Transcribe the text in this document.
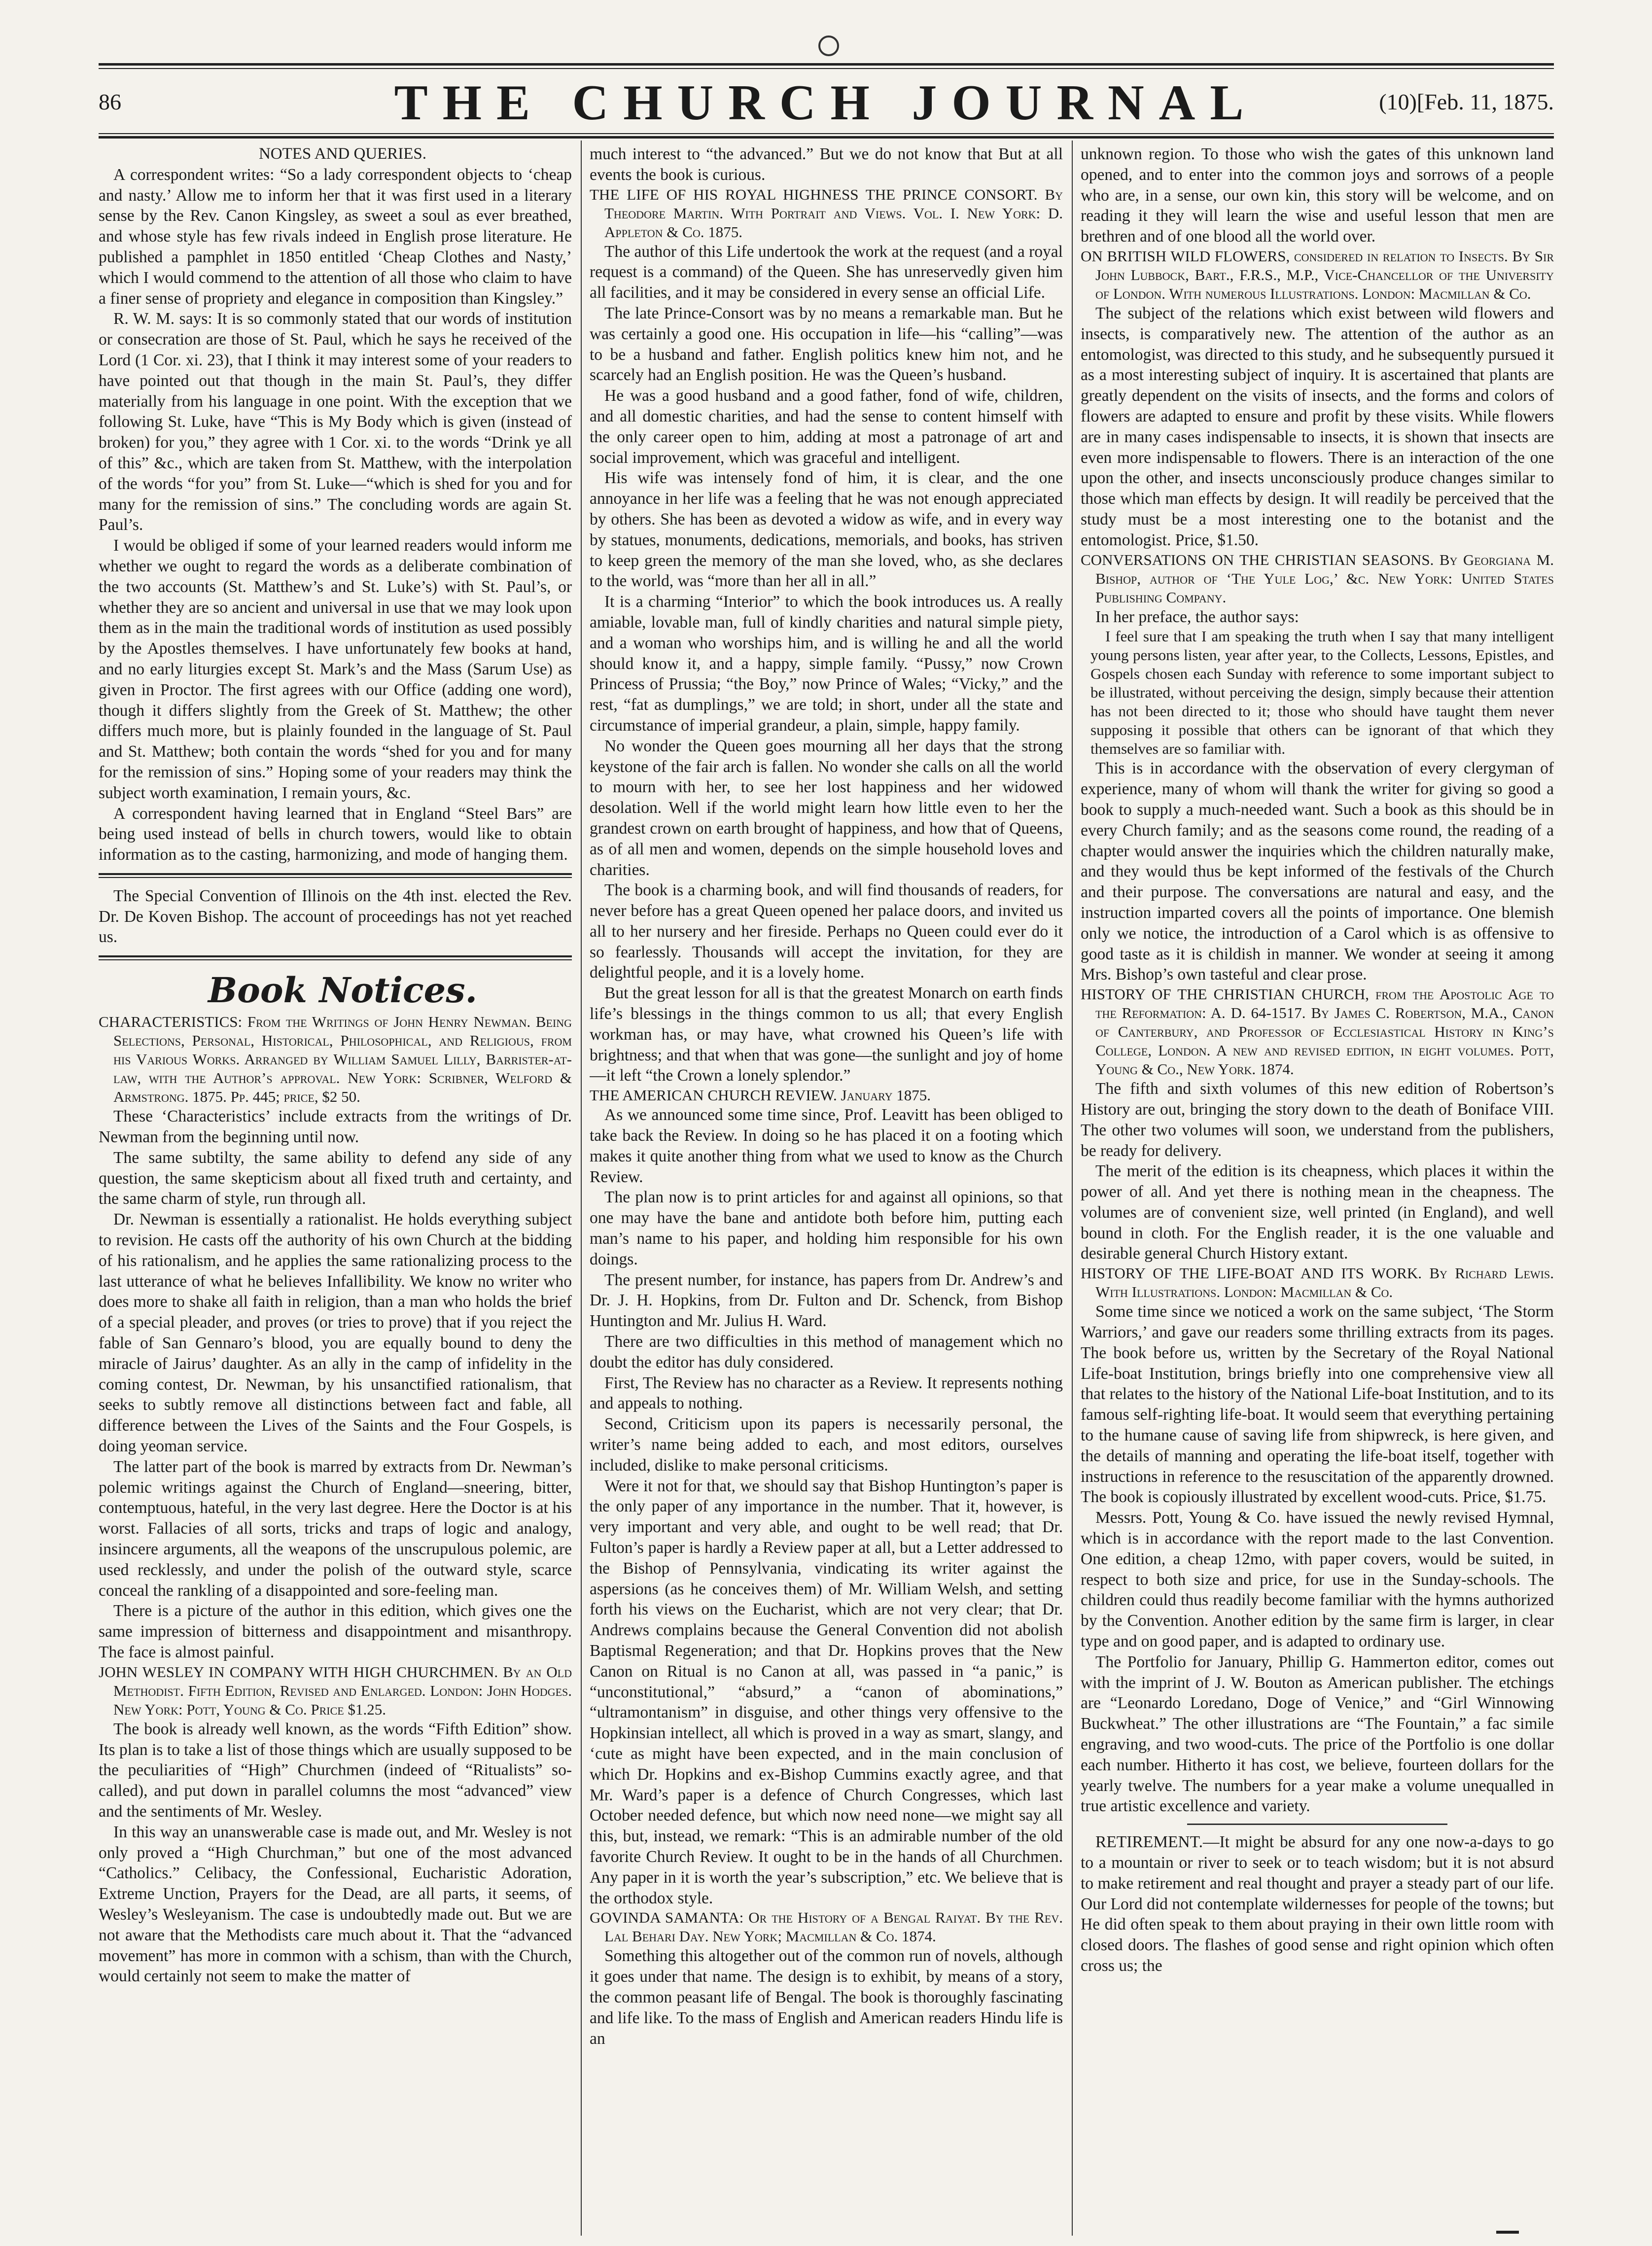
86	THE CHURCH JOURNAL	(10)[Feb. 11, 1875.

NOTES AND QUERIES.

A correspondent writes: “So a lady correspondent objects to ‘cheap and nasty.’ Allow me to inform her that it was first used in a literary sense by the Rev. Canon Kingsley, as sweet a soul as ever breathed, and whose style has few rivals indeed in English prose literature. He published a pamphlet in 1850 entitled ‘Cheap Clothes and Nasty,’ which I would commend to the attention of all those who claim to have a finer sense of propriety and elegance in composition than Kingsley.”

R. W. M. says: It is so commonly stated that our words of institution or consecration are those of St. Paul, which he says he received of the Lord (1 Cor. xi. 23), that I think it may interest some of your readers to have pointed out that though in the main St. Paul’s, they differ materially from his language in one point. With the exception that we following St. Luke, have “This is My Body which is given (instead of broken) for you,” they agree with 1 Cor. xi. to the words “Drink ye all of this” &c., which are taken from St. Matthew, with the interpolation of the words “for you” from St. Luke—“which is shed for you and for many for the remission of sins.” The concluding words are again St. Paul’s.

I would be obliged if some of your learned readers would inform me whether we ought to regard the words as a deliberate combination of the two accounts (St. Matthew’s and St. Luke’s) with St. Paul’s, or whether they are so ancient and universal in use that we may look upon them as in the main the traditional words of institution as used possibly by the Apostles themselves. I have unfortunately few books at hand, and no early liturgies except St. Mark’s and the Mass (Sarum Use) as given in Proctor. The first agrees with our Office (adding one word), though it differs slightly from the Greek of St. Matthew; the other differs much more, but is plainly founded in the language of St. Paul and St. Matthew; both contain the words “shed for you and for many for the remission of sins.” Hoping some of your readers may think the subject worth examination, I remain yours, &c.

A correspondent having learned that in England “Steel Bars” are being used instead of bells in church towers, would like to obtain information as to the casting, harmonizing, and mode of hanging them.

The Special Convention of Illinois on the 4th inst. elected the Rev. Dr. De Koven Bishop. The account of proceedings has not yet reached us.

Book Notices.

CHARACTERISTICS: From the Writings of John Henry Newman. Being Selections, Personal, Historical, Philosophical, and Religious, from his Various Works. Arranged by William Samuel Lilly, Barrister-at-law, with the Author’s approval. New York: Scribner, Welford & Armstrong. 1875. Pp. 445; price, $2 50.

These ‘Characteristics’ include extracts from the writings of Dr. Newman from the beginning until now.

The same subtilty, the same ability to defend any side of any question, the same skepticism about all fixed truth and certainty, and the same charm of style, run through all.

Dr. Newman is essentially a rationalist. He holds everything subject to revision. He casts off the authority of his own Church at the bidding of his rationalism, and he applies the same rationalizing process to the last utterance of what he believes Infallibility. We know no writer who does more to shake all faith in religion, than a man who holds the brief of a special pleader, and proves (or tries to prove) that if you reject the fable of San Gennaro’s blood, you are equally bound to deny the miracle of Jairus’ daughter. As an ally in the camp of infidelity in the coming contest, Dr. Newman, by his unsanctified rationalism, that seeks to subtly remove all distinctions between fact and fable, all difference between the Lives of the Saints and the Four Gospels, is doing yeoman service.

The latter part of the book is marred by extracts from Dr. Newman’s polemic writings against the Church of England—sneering, bitter, contemptuous, hateful, in the very last degree. Here the Doctor is at his worst. Fallacies of all sorts, tricks and traps of logic and analogy, insincere arguments, all the weapons of the unscrupulous polemic, are used recklessly, and under the polish of the outward style, scarce conceal the rankling of a disappointed and sore-feeling man.

There is a picture of the author in this edition, which gives one the same impression of bitterness and disappointment and misanthropy. The face is almost painful.

JOHN WESLEY IN COMPANY WITH HIGH CHURCHMEN. By an Old Methodist. Fifth Edition, Revised and Enlarged. London: John Hodges. New York: Pott, Young & Co. Price $1.25.

The book is already well known, as the words “Fifth Edition” show. Its plan is to take a list of those things which are usually supposed to be the peculiarities of “High” Churchmen (indeed of “Ritualists” so-called), and put down in parallel columns the most “advanced” view and the sentiments of Mr. Wesley.

In this way an unanswerable case is made out, and Mr. Wesley is not only proved a “High Churchman,” but one of the most advanced “Catholics.” Celibacy, the Confessional, Eucharistic Adoration, Extreme Unction, Prayers for the Dead, are all parts, it seems, of Wesley’s Wesleyanism. The case is undoubtedly made out. But we are not aware that the Methodists care much about it. That the “advanced movement” has more in common with a schism, than with the Church, would certainly not seem to make the matter of

much interest to “the advanced.” But we do not know that But at all events the book is curious.

THE LIFE OF HIS ROYAL HIGHNESS THE PRINCE CONSORT. By Theodore Martin. With Portrait and Views. Vol. I. New York: D. Appleton & Co. 1875.

The author of this Life undertook the work at the request (and a royal request is a command) of the Queen. She has unreservedly given him all facilities, and it may be considered in every sense an official Life.

The late Prince-Consort was by no means a remarkable man. But he was certainly a good one. His occupation in life—his “calling”—was to be a husband and father. English politics knew him not, and he scarcely had an English position. He was the Queen’s husband.

He was a good husband and a good father, fond of wife, children, and all domestic charities, and had the sense to content himself with the only career open to him, adding at most a patronage of art and social improvement, which was graceful and intelligent.

His wife was intensely fond of him, it is clear, and the one annoyance in her life was a feeling that he was not enough appreciated by others. She has been as devoted a widow as wife, and in every way by statues, monuments, dedications, memorials, and books, has striven to keep green the memory of the man she loved, who, as she declares to the world, was “more than her all in all.”

It is a charming “Interior” to which the book introduces us. A really amiable, lovable man, full of kindly charities and natural simple piety, and a woman who worships him, and is willing he and all the world should know it, and a happy, simple family. “Pussy,” now Crown Princess of Prussia; “the Boy,” now Prince of Wales; “Vicky,” and the rest, “fat as dumplings,” we are told; in short, under all the state and circumstance of imperial grandeur, a plain, simple, happy family.

No wonder the Queen goes mourning all her days that the strong keystone of the fair arch is fallen. No wonder she calls on all the world to mourn with her, to see her lost happiness and her widowed desolation. Well if the world might learn how little even to her the grandest crown on earth brought of happiness, and how that of Queens, as of all men and women, depends on the simple household loves and charities.

The book is a charming book, and will find thousands of readers, for never before has a great Queen opened her palace doors, and invited us all to her nursery and her fireside. Perhaps no Queen could ever do it so fearlessly. Thousands will accept the invitation, for they are delightful people, and it is a lovely home.

But the great lesson for all is that the greatest Monarch on earth finds life’s blessings in the things common to us all; that every English workman has, or may have, what crowned his Queen’s life with brightness; and that when that was gone—the sunlight and joy of home—it left “the Crown a lonely splendor.”

THE AMERICAN CHURCH REVIEW. January 1875.

As we announced some time since, Prof. Leavitt has been obliged to take back the Review. In doing so he has placed it on a footing which makes it quite another thing from what we used to know as the Church Review.

The plan now is to print articles for and against all opinions, so that one may have the bane and antidote both before him, putting each man’s name to his paper, and holding him responsible for his own doings.

The present number, for instance, has papers from Dr. Andrew’s and Dr. J. H. Hopkins, from Dr. Fulton and Dr. Schenck, from Bishop Huntington and Mr. Julius H. Ward.

There are two difficulties in this method of management which no doubt the editor has duly considered.

First, The Review has no character as a Review. It represents nothing and appeals to nothing.

Second, Criticism upon its papers is necessarily personal, the writer’s name being added to each, and most editors, ourselves included, dislike to make personal criticisms.

Were it not for that, we should say that Bishop Huntington’s paper is the only paper of any importance in the number. That it, however, is very important and very able, and ought to be well read; that Dr. Fulton’s paper is hardly a Review paper at all, but a Letter addressed to the Bishop of Pennsylvania, vindicating its writer against the aspersions (as he conceives them) of Mr. William Welsh, and setting forth his views on the Eucharist, which are not very clear; that Dr. Andrews complains because the General Convention did not abolish Baptismal Regeneration; and that Dr. Hopkins proves that the New Canon on Ritual is no Canon at all, was passed in “a panic,” is “unconstitutional,” “absurd,” a “canon of abominations,” “ultramontanism” in disguise, and other things very offensive to the Hopkinsian intellect, all which is proved in a way as smart, slangy, and ‘cute as might have been expected, and in the main conclusion of which Dr. Hopkins and ex-Bishop Cummins exactly agree, and that Mr. Ward’s paper is a defence of Church Congresses, which last October needed defence, but which now need none—we might say all this, but, instead, we remark: “This is an admirable number of the old favorite Church Review. It ought to be in the hands of all Churchmen. Any paper in it is worth the year’s subscription,” etc. We believe that is the orthodox style.

GOVINDA SAMANTA: Or the History of a Bengal Raiyat. By the Rev. Lal Behari Day. New York; Macmillan & Co. 1874.

Something this altogether out of the common run of novels, although it goes under that name. The design is to exhibit, by means of a story, the common peasant life of Bengal. The book is thoroughly fascinating and life like. To the mass of English and American readers Hindu life is an

unknown region. To those who wish the gates of this unknown land opened, and to enter into the common joys and sorrows of a people who are, in a sense, our own kin, this story will be welcome, and on reading it they will learn the wise and useful lesson that men are brethren and of one blood all the world over.

ON BRITISH WILD FLOWERS, considered in relation to Insects. By Sir John Lubbock, Bart., F.R.S., M.P., Vice-Chancellor of the University of London. With numerous Illustrations. London: Macmillan & Co.

The subject of the relations which exist between wild flowers and insects, is comparatively new. The attention of the author as an entomologist, was directed to this study, and he subsequently pursued it as a most interesting subject of inquiry. It is ascertained that plants are greatly dependent on the visits of insects, and the forms and colors of flowers are adapted to ensure and profit by these visits. While flowers are in many cases indispensable to insects, it is shown that insects are even more indispensable to flowers. There is an interaction of the one upon the other, and insects unconsciously produce changes similar to those which man effects by design. It will readily be perceived that the study must be a most interesting one to the botanist and the entomologist. Price, $1.50.

CONVERSATIONS ON THE CHRISTIAN SEASONS. By Georgiana M. Bishop, author of ‘The Yule Log,’ &c. New York: United States Publishing Company.

In her preface, the author says:

I feel sure that I am speaking the truth when I say that many intelligent young persons listen, year after year, to the Collects, Lessons, Epistles, and Gospels chosen each Sunday with reference to some important subject to be illustrated, without perceiving the design, simply because their attention has not been directed to it; those who should have taught them never supposing it possible that others can be ignorant of that which they themselves are so familiar with.

This is in accordance with the observation of every clergyman of experience, many of whom will thank the writer for giving so good a book to supply a much-needed want. Such a book as this should be in every Church family; and as the seasons come round, the reading of a chapter would answer the inquiries which the children naturally make, and they would thus be kept informed of the festivals of the Church and their purpose. The conversations are natural and easy, and the instruction imparted covers all the points of importance. One blemish only we notice, the introduction of a Carol which is as offensive to good taste as it is childish in manner. We wonder at seeing it among Mrs. Bishop’s own tasteful and clear prose.

HISTORY OF THE CHRISTIAN CHURCH, from the Apostolic Age to the Reformation: A. D. 64-1517. By James C. Robertson, M.A., Canon of Canterbury, and Professor of Ecclesiastical History in King’s College, London. A new and revised edition, in eight volumes. Pott, Young & Co., New York. 1874.

The fifth and sixth volumes of this new edition of Robertson’s History are out, bringing the story down to the death of Boniface VIII. The other two volumes will soon, we understand from the publishers, be ready for delivery.

The merit of the edition is its cheapness, which places it within the power of all. And yet there is nothing mean in the cheapness. The volumes are of convenient size, well printed (in England), and well bound in cloth. For the English reader, it is the one valuable and desirable general Church History extant.

HISTORY OF THE LIFE-BOAT AND ITS WORK. By Richard Lewis. With Illustrations. London: Macmillan & Co.

Some time since we noticed a work on the same subject, ‘The Storm Warriors,’ and gave our readers some thrilling extracts from its pages. The book before us, written by the Secretary of the Royal National Life-boat Institution, brings briefly into one comprehensive view all that relates to the history of the National Life-boat Institution, and to its famous self-righting life-boat. It would seem that everything pertaining to the humane cause of saving life from shipwreck, is here given, and the details of manning and operating the life-boat itself, together with instructions in reference to the resuscitation of the apparently drowned. The book is copiously illustrated by excellent wood-cuts. Price, $1.75.

Messrs. Pott, Young & Co. have issued the newly revised Hymnal, which is in accordance with the report made to the last Convention. One edition, a cheap 12mo, with paper covers, would be suited, in respect to both size and price, for use in the Sunday-schools. The children could thus readily become familiar with the hymns authorized by the Convention. Another edition by the same firm is larger, in clear type and on good paper, and is adapted to ordinary use.

The Portfolio for January, Phillip G. Hammerton editor, comes out with the imprint of J. W. Bouton as American publisher. The etchings are “Leonardo Loredano, Doge of Venice,” and “Girl Winnowing Buckwheat.” The other illustrations are “The Fountain,” a fac simile engraving, and two wood-cuts. The price of the Portfolio is one dollar each number. Hitherto it has cost, we believe, fourteen dollars for the yearly twelve. The numbers for a year make a volume unequalled in true artistic excellence and variety.

RETIREMENT.—It might be absurd for any one now-a-days to go to a mountain or river to seek or to teach wisdom; but it is not absurd to make retirement and real thought and prayer a steady part of our life. Our Lord did not contemplate wildernesses for people of the towns; but He did often speak to them about praying in their own little room with closed doors. The flashes of good sense and right opinion which often cross us; the
